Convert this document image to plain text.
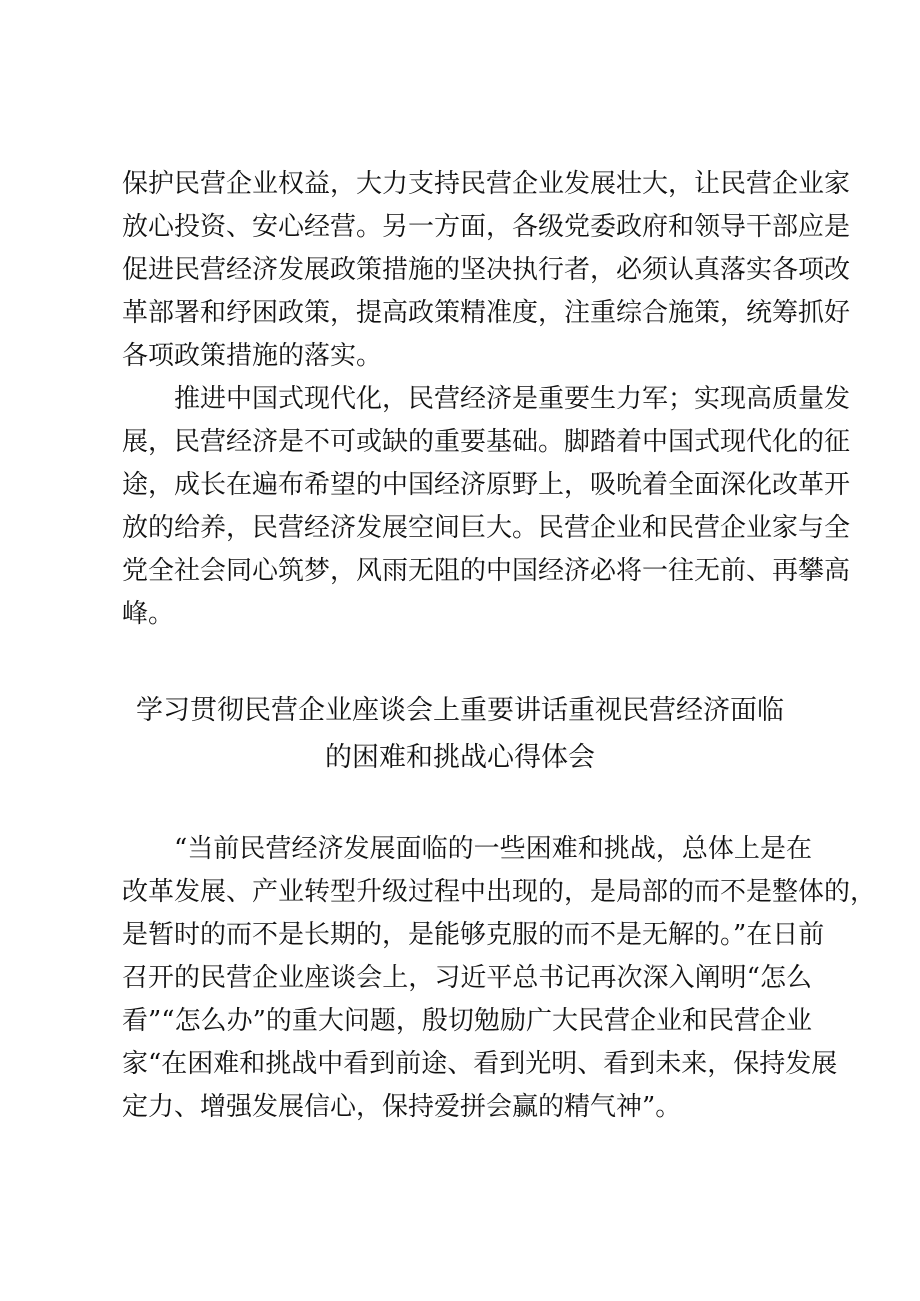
保护民营企业权益，大力支持民营企业发展壮大，让民营企业家
放心投资、安心经营。另一方面，各级党委政府和领导干部应是
促进民营经济发展政策措施的坚决执行者，必须认真落实各项改
革部署和纾困政策，提高政策精准度，注重综合施策，统筹抓好
各项政策措施的落实。
推进中国式现代化，民营经济是重要生力军；实现高质量发
展，民营经济是不可或缺的重要基础。脚踏着中国式现代化的征
途，成长在遍布希望的中国经济原野上，吸吮着全面深化改革开
放的给养，民营经济发展空间巨大。民营企业和民营企业家与全
党全社会同心筑梦，风雨无阻的中国经济必将一往无前、再攀高
峰。
学习贯彻民营企业座谈会上重要讲话重视民营经济面临
的困难和挑战心得体会
“当前民营经济发展面临的一些困难和挑战，总体上是在
改革发展、产业转型升级过程中出现的，是局部的而不是整体的，
是暂时的而不是长期的，是能够克服的而不是无解的。”在日前
召开的民营企业座谈会上，习近平总书记再次深入阐明“怎么
看”“怎么办”的重大问题，殷切勉励广大民营企业和民营企业
家“在困难和挑战中看到前途、看到光明、看到未来，保持发展
定力、增强发展信心，保持爱拼会赢的精气神”。
